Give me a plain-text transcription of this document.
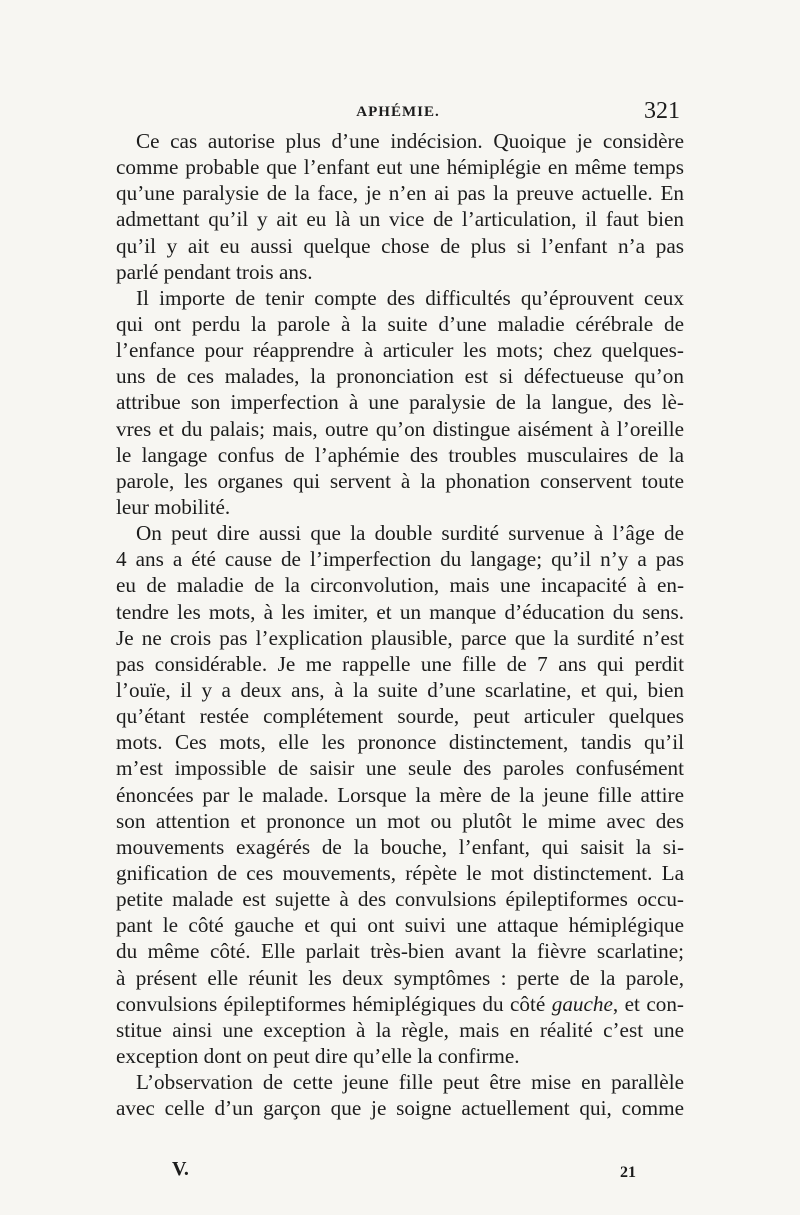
APHÉMIE.	321
Ce cas autorise plus d’une indécision. Quoique je considère
comme probable que l’enfant eut une hémiplégie en même temps
qu’une paralysie de la face, je n’en ai pas la preuve actuelle. En
admettant qu’il y ait eu là un vice de l’articulation, il faut bien
qu’il y ait eu aussi quelque chose de plus si l’enfant n’a pas
parlé pendant trois ans.
Il importe de tenir compte des difficultés qu’éprouvent ceux
qui ont perdu la parole à la suite d’une maladie cérébrale de
l’enfance pour réapprendre à articuler les mots; chez quelques-
uns de ces malades, la prononciation est si défectueuse qu’on
attribue son imperfection à une paralysie de la langue, des lè-
vres et du palais; mais, outre qu’on distingue aisément à l’oreille
le langage confus de l’aphémie des troubles musculaires de la
parole, les organes qui servent à la phonation conservent toute
leur mobilité.
On peut dire aussi que la double surdité survenue à l’âge de
4 ans a été cause de l’imperfection du langage; qu’il n’y a pas
eu de maladie de la circonvolution, mais une incapacité à en-
tendre les mots, à les imiter, et un manque d’éducation du sens.
Je ne crois pas l’explication plausible, parce que la surdité n’est
pas considérable. Je me rappelle une fille de 7 ans qui perdit
l’ouïe, il y a deux ans, à la suite d’une scarlatine, et qui, bien
qu’étant restée complétement sourde, peut articuler quelques
mots. Ces mots, elle les prononce distinctement, tandis qu’il
m’est impossible de saisir une seule des paroles confusément
énoncées par le malade. Lorsque la mère de la jeune fille attire
son attention et prononce un mot ou plutôt le mime avec des
mouvements exagérés de la bouche, l’enfant, qui saisit la si-
gnification de ces mouvements, répète le mot distinctement. La
petite malade est sujette à des convulsions épileptiformes occu-
pant le côté gauche et qui ont suivi une attaque hémiplégique
du même côté. Elle parlait très-bien avant la fièvre scarlatine;
à présent elle réunit les deux symptômes : perte de la parole,
convulsions épileptiformes hémiplégiques du côté gauche, et con-
stitue ainsi une exception à la règle, mais en réalité c’est une
exception dont on peut dire qu’elle la confirme.
L’observation de cette jeune fille peut être mise en parallèle
avec celle d’un garçon que je soigne actuellement qui, comme
V.	21
